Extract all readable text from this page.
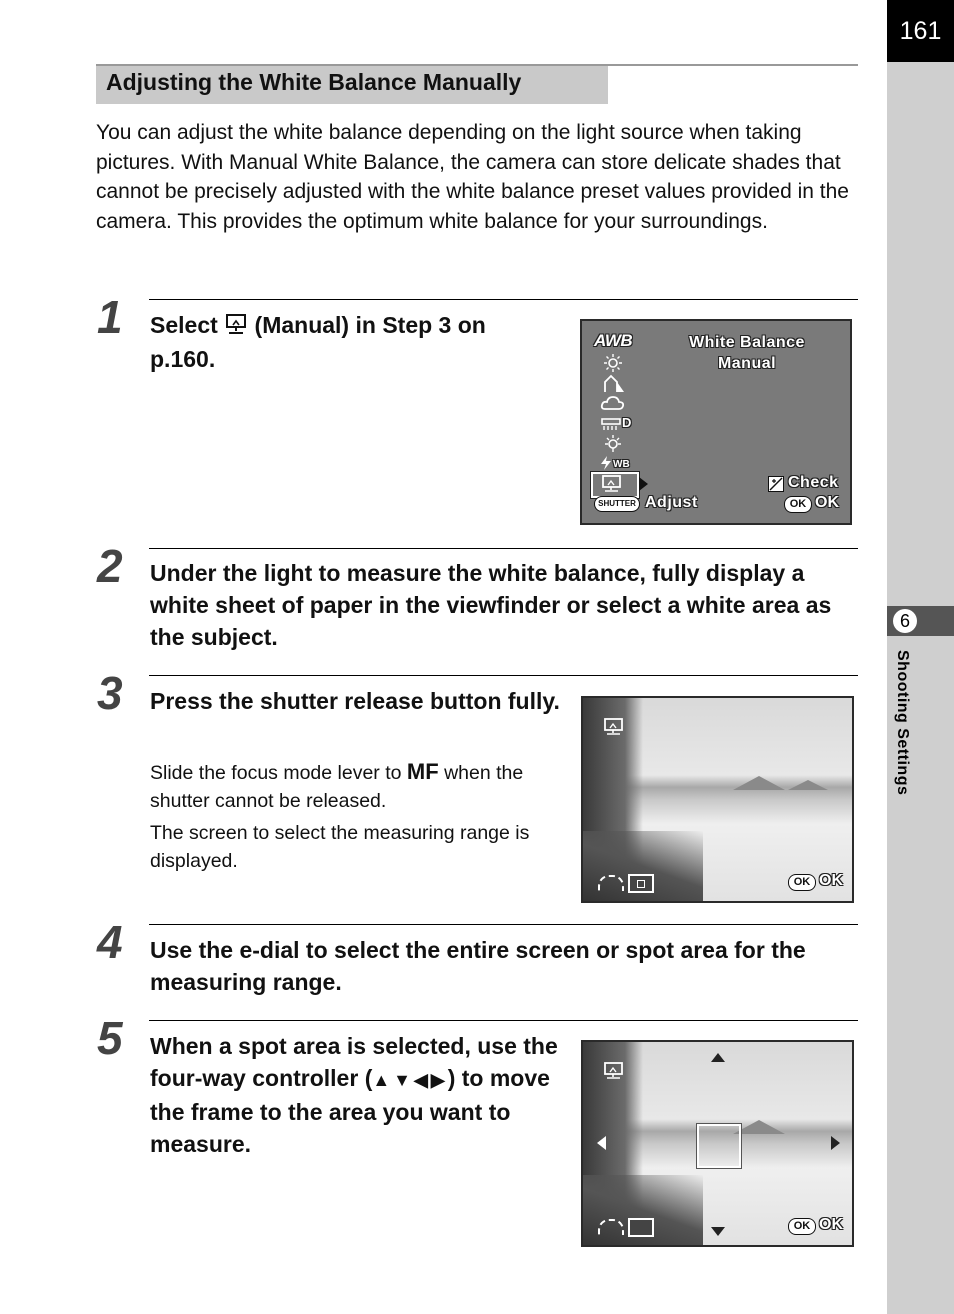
161
6
Shooting Settings
Adjusting the White Balance Manually
You can adjust the white balance depending on the light source when taking pictures. With Manual White Balance, the camera can store delicate shades that cannot be precisely adjusted with the white balance preset values provided in the camera. This provides the optimum white balance for your surroundings.
1 Select (Manual) in Step 3 on
p.160.
AWB	White Balance
Manual
D
WB
Check
SHUTTER Adjust	OK OK
2 Under the light to measure the white balance, fully display a white sheet of paper in the viewfinder or select a white area as the subject.
3 Press the shutter release button fully.
Slide the focus mode lever to MF when the shutter cannot be released.
The screen to select the measuring range is displayed.
OK OK
4 Use the e-dial to select the entire screen or spot area for the measuring range.
5 When a spot area is selected, use the four-way controller (▲▼◀▶) to move the frame to the area you want to measure.
OK OK
